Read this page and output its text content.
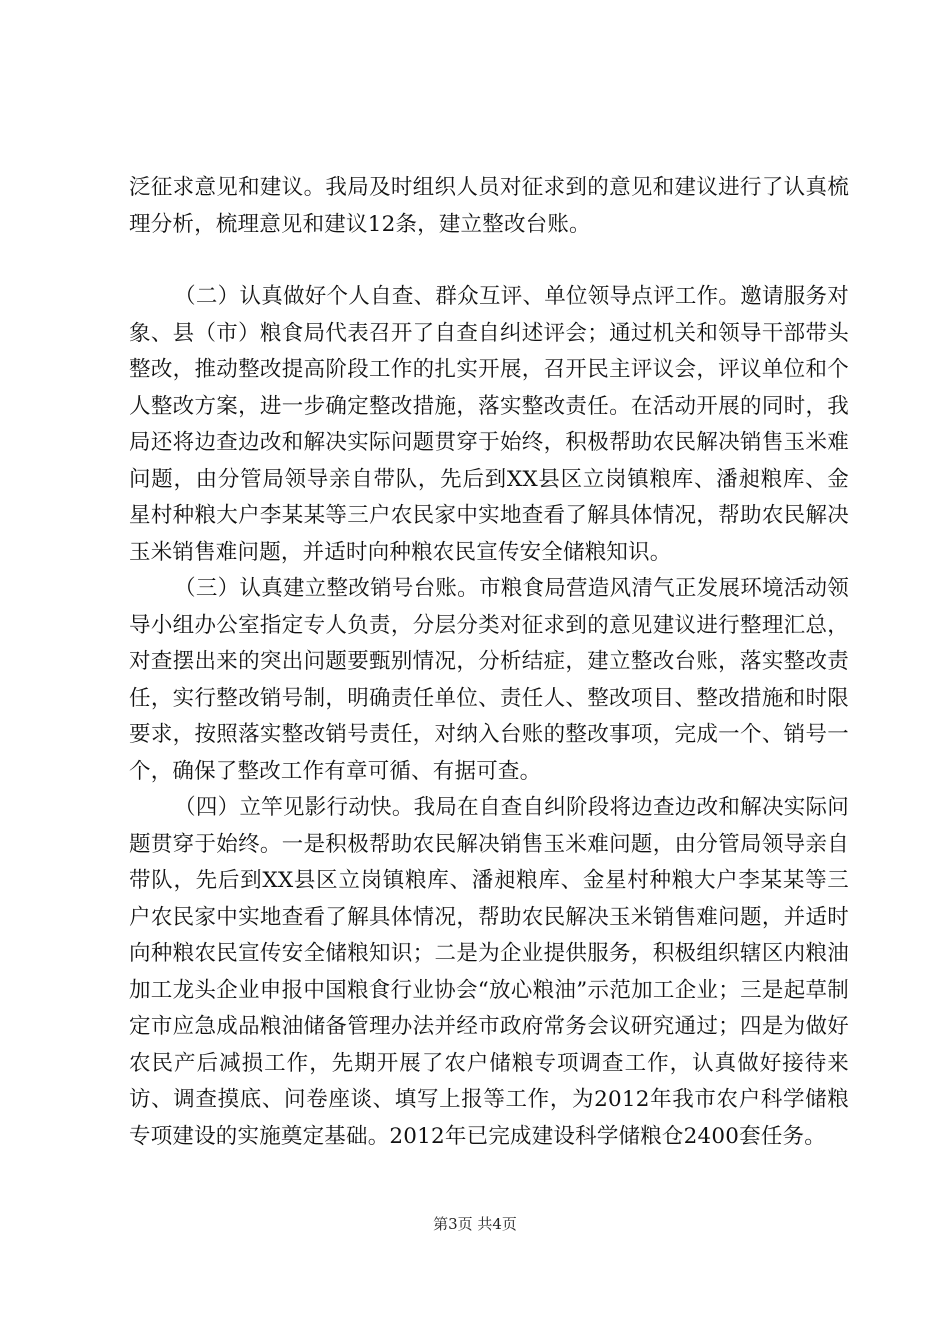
泛征求意见和建议。我局及时组织人员对征求到的意见和建议进行了认真梳理分析，梳理意见和建议12条，建立整改台账。

（二）认真做好个人自查、群众互评、单位领导点评工作。邀请服务对象、县（市）粮食局代表召开了自查自纠述评会；通过机关和领导干部带头整改，推动整改提高阶段工作的扎实开展，召开民主评议会，评议单位和个人整改方案，进一步确定整改措施，落实整改责任。在活动开展的同时，我局还将边查边改和解决实际问题贯穿于始终，积极帮助农民解决销售玉米难问题，由分管局领导亲自带队，先后到XX县区立岗镇粮库、潘昶粮库、金星村种粮大户李某某等三户农民家中实地查看了解具体情况，帮助农民解决玉米销售难问题，并适时向种粮农民宣传安全储粮知识。

（三）认真建立整改销号台账。市粮食局营造风清气正发展环境活动领导小组办公室指定专人负责，分层分类对征求到的意见建议进行整理汇总，对查摆出来的突出问题要甄别情况，分析结症，建立整改台账，落实整改责任，实行整改销号制，明确责任单位、责任人、整改项目、整改措施和时限要求，按照落实整改销号责任，对纳入台账的整改事项，完成一个、销号一个，确保了整改工作有章可循、有据可查。

（四）立竿见影行动快。我局在自查自纠阶段将边查边改和解决实际问题贯穿于始终。一是积极帮助农民解决销售玉米难问题，由分管局领导亲自带队，先后到XX县区立岗镇粮库、潘昶粮库、金星村种粮大户李某某等三户农民家中实地查看了解具体情况，帮助农民解决玉米销售难问题，并适时向种粮农民宣传安全储粮知识；二是为企业提供服务，积极组织辖区内粮油加工龙头企业申报中国粮食行业协会“放心粮油”示范加工企业；三是起草制定市应急成品粮油储备管理办法并经市政府常务会议研究通过；四是为做好农民产后减损工作，先期开展了农户储粮专项调查工作，认真做好接待来访、调查摸底、问卷座谈、填写上报等工作，为2012年我市农户科学储粮专项建设的实施奠定基础。2012年已完成建设科学储粮仓2400套任务。

第3页 共4页
